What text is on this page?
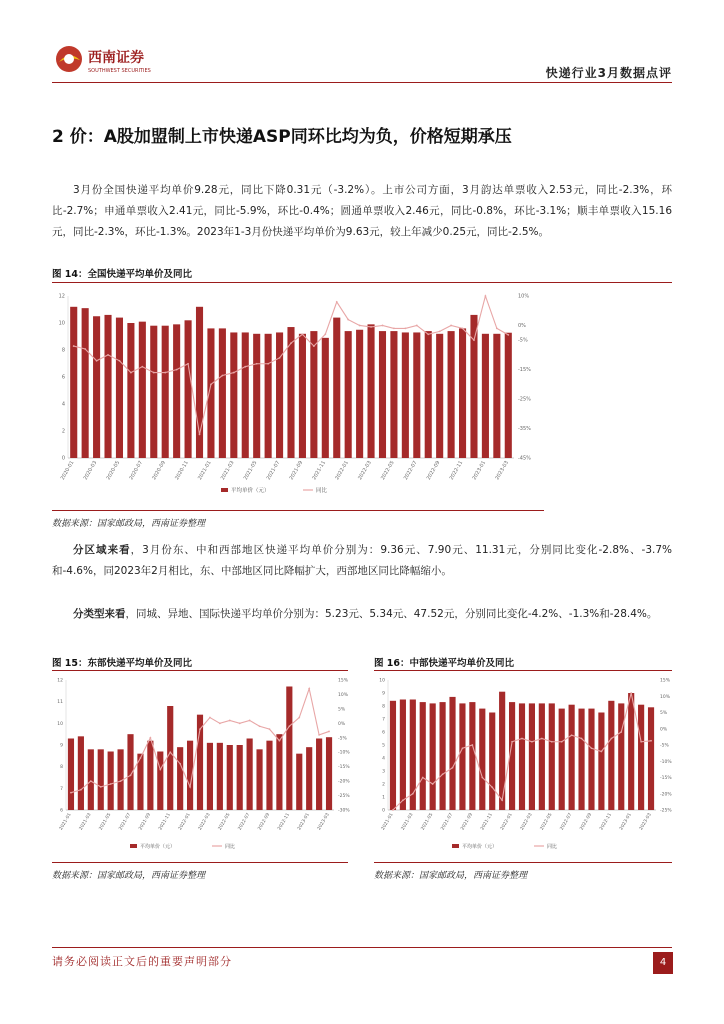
西南证券
SOUTHWEST SECURITIES	快递行业3月数据点评
2 价：A股加盟制上市快递ASP同环比均为负，价格短期承压
3月份全国快递平均单价9.28元，同比下降0.31元（-3.2%）。上市公司方面，3月韵达单票收入2.53元，同比-2.3%，环比-2.7%；申通单票收入2.41元，同比-5.9%，环比-0.4%；圆通单票收入2.46元，同比-0.8%，环比-3.1%；顺丰单票收入15.16元，同比-2.3%，环比-1.3%。2023年1-3月份快递平均单价为9.63元，较上年减少0.25元，同比-2.5%。
图 14：全国快递平均单价及同比
0
2
4
6
8
10
12	10%
0%
-5%
-15%
-25%
-35%
-45%
2020-01 2020-03 2020-05 2020-07 2020-09 2020-11 2021-01 2021-03 2021-05 2021-07 2021-09 2021-11 2022-01 2022-03 2022-05 2022-07 2022-09 2022-11 2023-01 2023-03
平均单价（元）	同比
数据来源：国家邮政局，西南证券整理
分区域来看，3月份东、中和西部地区快递平均单价分别为：9.36元、7.90元、11.31元，分别同比变化-2.8%、-3.7%和-4.6%，同2023年2月相比，东、中部地区同比降幅扩大，西部地区同比降幅缩小。
分类型来看，同城、异地、国际快递平均单价分别为：5.23元、5.34元、47.52元，分别同比变化-4.2%、-1.3%和-28.4%。
图 15：东部快递平均单价及同比
6
7
8
9
10
11
12	15%
10%
5%
0%
-5%
-10%
-15%
-20%
-25%
-30%
2021-01 2021-03 2021-05 2021-07 2021-09 2021-11 2022-01 2022-03 2022-05 2022-07 2022-09 2022-11 2023-01 2023-03
平均单价（元）	同比
数据来源：国家邮政局，西南证券整理
图 16：中部快递平均单价及同比
0
1
2
3
4
5
6
7
8
9
10	15%
10%
5%
0%
-5%
-10%
-15%
-20%
-25%
2021-01 2021-03 2021-05 2021-07 2021-09 2021-11 2022-01 2022-03 2022-05 2022-07 2022-09 2022-11 2023-01 2023-03
平均单价（元）	同比
数据来源：国家邮政局，西南证券整理
请务必阅读正文后的重要声明部分	4
